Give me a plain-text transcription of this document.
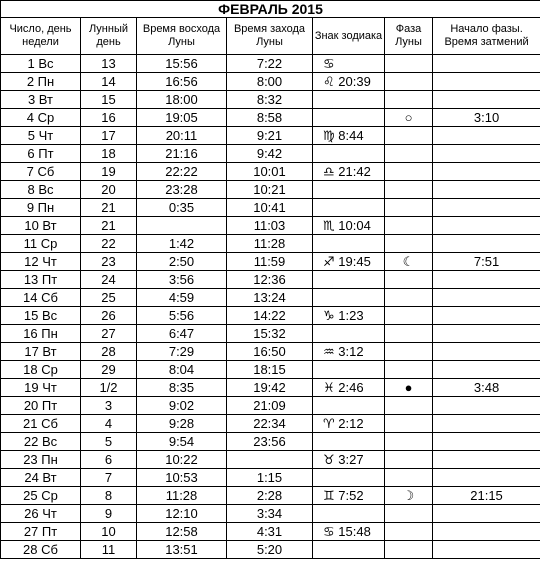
ФЕВРАЛЬ 2015						
Число, день недели	Лунный день	Время восхода Луны	Время захода Луны	Знак зодиака	Фаза Луны	Начало фазы. Время затмений
1 Вс	13	15:56	7:22	♋		
2 Пн	14	16:56	8:00	♌ 20:39		
3 Вт	15	18:00	8:32			
4 Ср	16	19:05	8:58		○	3:10
5 Чт	17	20:11	9:21	♍ 8:44		
6 Пт	18	21:16	9:42			
7 Сб	19	22:22	10:01	♎ 21:42		
8 Вс	20	23:28	10:21			
9 Пн	21	0:35	10:41			
10 Вт	21		11:03	♏ 10:04		
11 Ср	22	1:42	11:28			
12 Чт	23	2:50	11:59	♐ 19:45	☾	7:51
13 Пт	24	3:56	12:36			
14 Сб	25	4:59	13:24			
15 Вс	26	5:56	14:22	♑ 1:23		
16 Пн	27	6:47	15:32			
17 Вт	28	7:29	16:50	♒ 3:12		
18 Ср	29	8:04	18:15			
19 Чт	1/2	8:35	19:42	♓ 2:46	●	3:48
20 Пт	3	9:02	21:09			
21 Сб	4	9:28	22:34	♈ 2:12		
22 Вс	5	9:54	23:56			
23 Пн	6	10:22		♉ 3:27		
24 Вт	7	10:53	1:15			
25 Ср	8	11:28	2:28	♊ 7:52	☽	21:15
26 Чт	9	12:10	3:34			
27 Пт	10	12:58	4:31	♋ 15:48		
28 Сб	11	13:51	5:20			
